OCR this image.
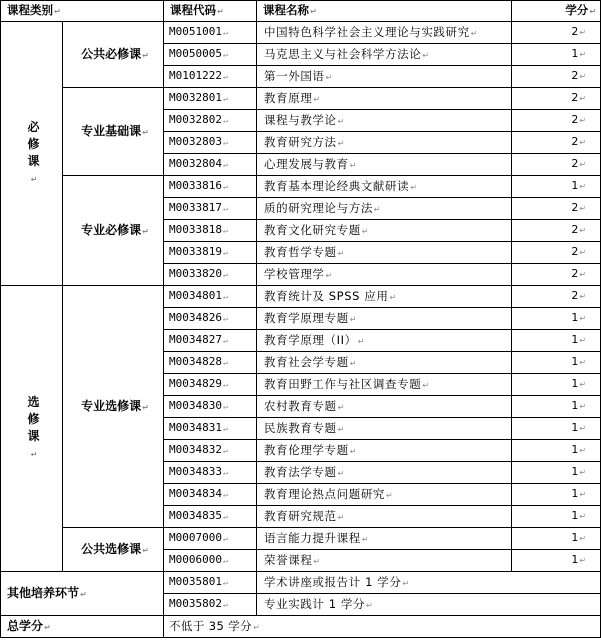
课程类别↵		课程代码↵	课程名称↵	学分↵
必
修
课
↵	公共必修课↵	M0051001↵	中国特色科学社会主义理论与实践研究↵	2↵
		M0050005↵	马克思主义与社会科学方法论↵	1↵
		M0101222↵	第一外国语↵	2↵
	专业基础课↵	M0032801↵	教育原理↵	2↵
		M0032802↵	课程与教学论↵	2↵
		M0032803↵	教育研究方法↵	2↵
		M0032804↵	心理发展与教育↵	2↵
	专业必修课↵	M0033816↵	教育基本理论经典文献研读↵	1↵
		M0033817↵	质的研究理论与方法↵	2↵
		M0033818↵	教育文化研究专题↵	2↵
		M0033819↵	教育哲学专题↵	2↵
		M0033820↵	学校管理学↵	2↵
选
修
课
↵	专业选修课↵	M0034801↵	教育统计及 SPSS 应用↵	2↵
		M0034826↵	教育学原理专题↵	1↵
		M0034827↵	教育学原理（II）↵	1↵
		M0034828↵	教育社会学专题↵	1↵
		M0034829↵	教育田野工作与社区调查专题↵	1↵
		M0034830↵	农村教育专题↵	1↵
		M0034831↵	民族教育专题↵	1↵
		M0034832↵	教育伦理学专题↵	1↵
		M0034833↵	教育法学专题↵	1↵
		M0034834↵	教育理论热点问题研究↵	1↵
		M0034835↵	教育研究规范↵	1↵
	公共选修课↵	M0007000↵	语言能力提升课程↵	1↵
		M0006000↵	荣誉课程↵	1↵
其他培养环节↵		M0035801↵	学术讲座或报告计 1 学分↵	
		M0035802↵	专业实践计 1 学分↵	
总学分↵		不低于 35 学分↵		
